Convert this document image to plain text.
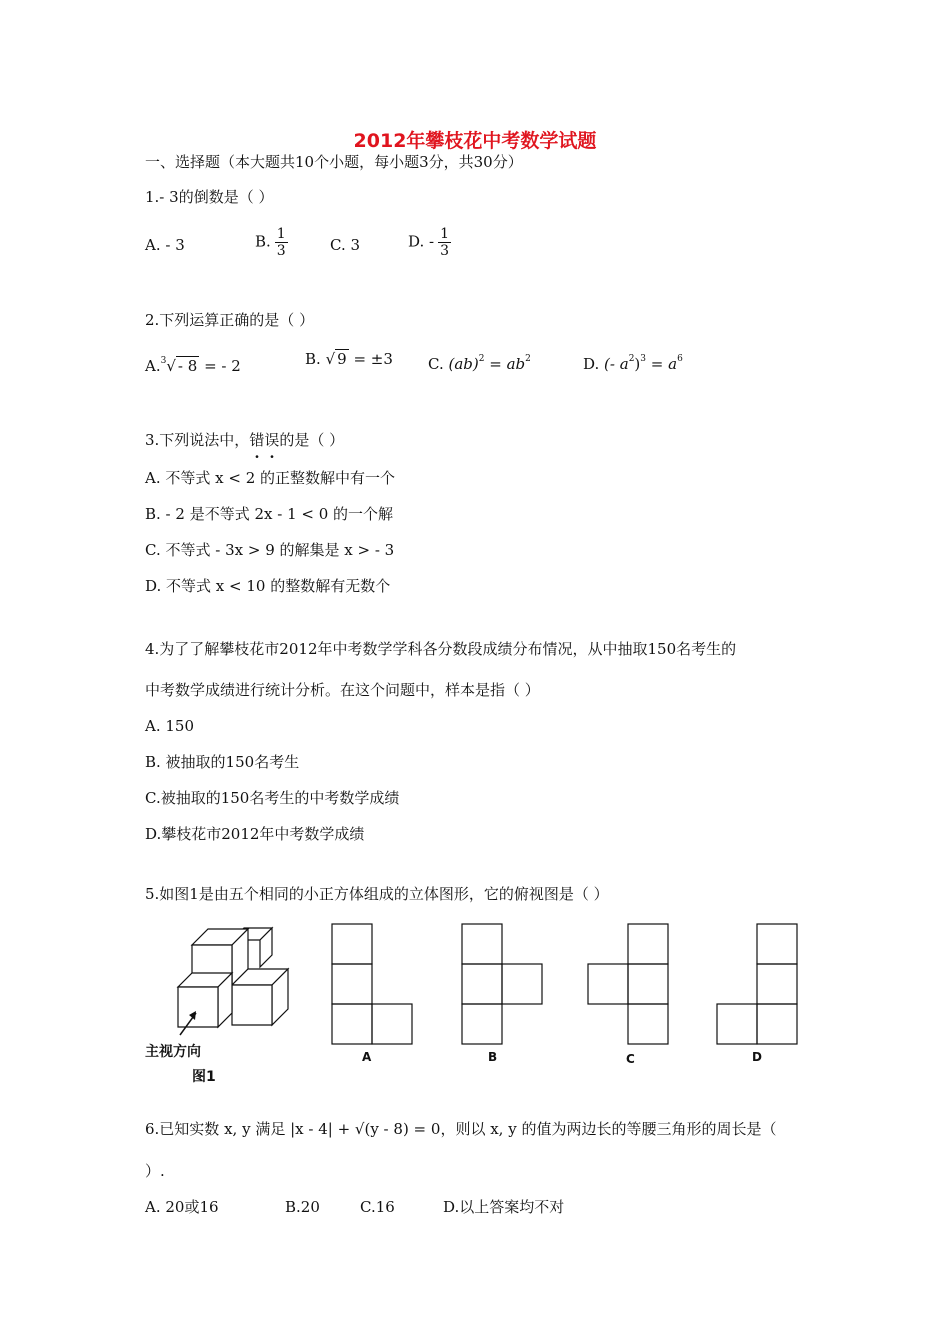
2012年攀枝花中考数学试题
一、选择题（本大题共10个小题，每小题3分，共30分）
1.- 3的倒数是（ ）
A. - 3	B. $\frac{1}{3}$	C. 3	D. - $\frac{1}{3}$
2.下列运算正确的是（ ）
A.$^3$√ - 8 = - 2	B. √ 9 = ±3 C. $(ab)^2 = ab^2$	D. (- $a^2)^3 = a^6$
3.下列说法中，错误的是（ ）
A. 不等式 x < 2 的正整数解中有一个
B. - 2 是不等式 2x - 1 < 0 的一个解
C. 不等式 - 3x > 9 的解集是 x > - 3
D. 不等式 x < 10 的整数解有无数个
4.为了了解攀枝花市2012年中考数学学科各分数段成绩分布情况，从中抽取150名考生的
中考数学成绩进行统计分析。在这个问题中，样本是指（ ）
A. 150
B. 被抽取的150名考生
C.被抽取的150名考生的中考数学成绩
D.攀枝花市2012年中考数学成绩
5.如图1是由五个相同的小正方体组成的立体图形，它的俯视图是（ ）
主视方向
图1
A	B	C	D
6.已知实数 x, y 满足 |x - 4| + √(y - 8) = 0，则以 x, y 的值为两边长的等腰三角形的周长是（
）.
A. 20或16	B.20	C.16	D.以上答案均不对
